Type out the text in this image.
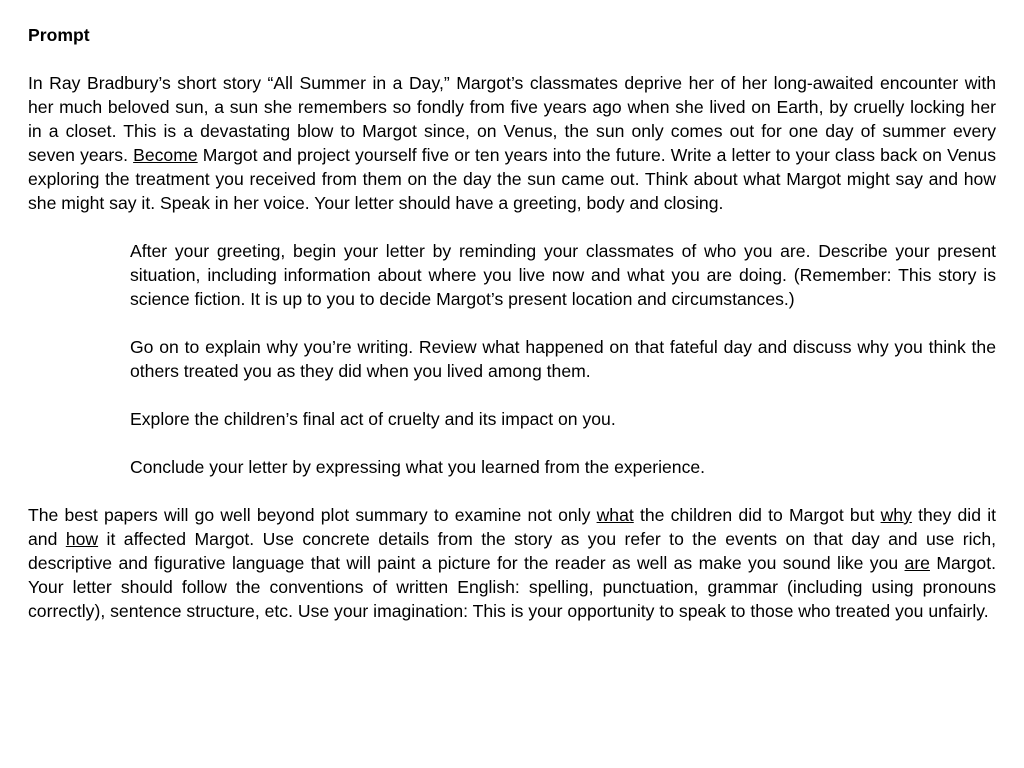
Prompt

In Ray Bradbury’s short story “All Summer in a Day,” Margot’s classmates deprive her of her long-awaited encounter with her much beloved sun, a sun she remembers so fondly from five years ago when she lived on Earth, by cruelly locking her in a closet. This is a devastating blow to Margot since, on Venus, the sun only comes out for one day of summer every seven years. Become Margot and project yourself five or ten years into the future. Write a letter to your class back on Venus exploring the treatment you received from them on the day the sun came out. Think about what Margot might say and how she might say it. Speak in her voice. Your letter should have a greeting, body and closing.

After your greeting, begin your letter by reminding your classmates of who you are. Describe your present situation, including information about where you live now and what you are doing. (Remember: This story is science fiction. It is up to you to decide Margot’s present location and circumstances.)

Go on to explain why you’re writing. Review what happened on that fateful day and discuss why you think the others treated you as they did when you lived among them.

Explore the children’s final act of cruelty and its impact on you.

Conclude your letter by expressing what you learned from the experience.

The best papers will go well beyond plot summary to examine not only what the children did to Margot but why they did it and how it affected Margot. Use concrete details from the story as you refer to the events on that day and use rich, descriptive and figurative language that will paint a picture for the reader as well as make you sound like you are Margot. Your letter should follow the conventions of written English: spelling, punctuation, grammar (including using pronouns correctly), sentence structure, etc. Use your imagination: This is your opportunity to speak to those who treated you unfairly.
